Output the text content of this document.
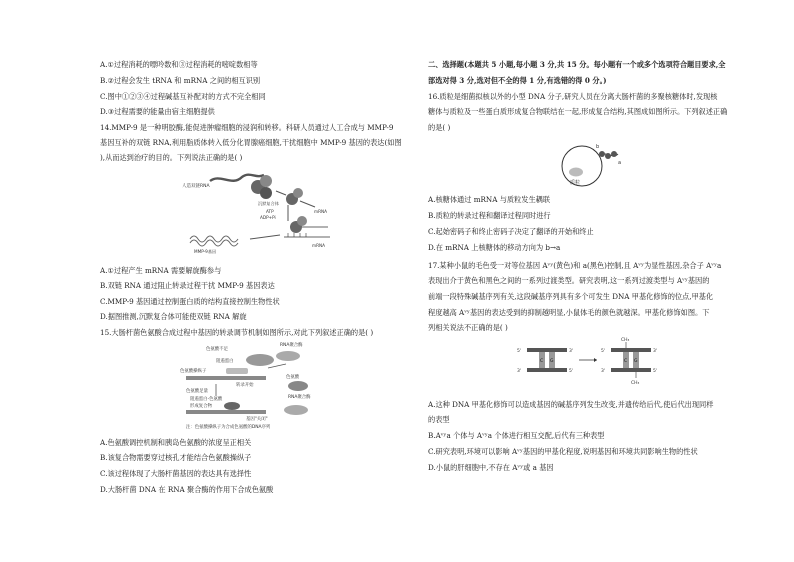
A.①过程消耗的嘌呤数和③过程消耗的嘧啶数相等
B.②过程会发生 tRNA 和 mRNA 之间的相互识别
C.图中①②③④过程碱基互补配对的方式不完全相同
D.③过程需要的能量由宿主细胞提供
14.MMP-9 是一种明胶酶,能促进肿瘤细胞的浸润和转移。科研人员通过人工合成与 MMP-9
基因互补的双链 RNA,利用脂质体转入低分化胃腺癌细胞,干扰细胞中 MMP-9 基因的表达(如图
),从而达到治疗的目的。下列说法正确的是( )
人造双链RNA
沉默复合体
ATP
ADP+Pi
mRNA
MMP-9基因
mRNA
A.①过程产生 mRNA 需要解旋酶参与
B.双链 RNA 通过阻止转录过程干扰 MMP-9 基因表达
C.MMP-9 基因通过控制蛋白质的结构直接控制生物性状
D.据图推测,沉默复合体可能使双链 RNA 解旋
15.大肠杆菌色氨酸合成过程中基因的转录调节机制如图所示,对此下列叙述正确的是( )
色氨酸不足
RNA聚合酶
阻遏蛋白
转录开始
色氨酸操纵子
色氨酸
色氨酸足量
阻遏蛋白-色氨酸
形成复合物
RNA聚合酶
基因"关闭"
注：色氨酸操纵子为合成色氨酸的DNA序列
A.色氨酸调控机制和胰岛色氨酸的浓度呈正相关
B.该复合物需要穿过核孔才能结合色氨酸操纵子
C.该过程体现了大肠杆菌基因的表达具有选择性
D.大肠杆菌 DNA 在 RNA 聚合酶的作用下合成色氨酸
二、选择题(本题共 5 小题,每小题 3 分,共 15 分。每小题有一个或多个选项符合题目要求,全
部选对得 3 分,选对但不全的得 1 分,有选错的得 0 分。)
16.质粒是细菌拟核以外的小型 DNA 分子,研究人员在分离大肠杆菌的多聚核糖体时,发现核
糖体与质粒及一些蛋白质形成复合物联结在一起,形成复合结构,其图成如图所示。下列叙述正确
的是( )
质粒
b
a
A.核糖体通过 mRNA 与质粒发生耦联
B.质粒的转录过程和翻译过程同时进行
C.起始密码子和终止密码子决定了翻译的开始和终止
D.在 mRNA 上核糖体的移动方向为 b→a
17.某种小鼠的毛色受一对等位基因 Aᵛʸ(黄色)和 a(黑色)控制,且 Aᵛʸ为显性基因,杂合子 Aᵛʸa
表现出介于黄色和黑色之间的一系列过渡类型。研究表明,这一系列过渡类型与 Aᵛʸ基因的
前端一段特殊碱基序列有关,这段碱基序列具有多个可发生 DNA 甲基化修饰的位点,甲基化
程度越高 Aᵛʸ基因的表达受到的抑制越明显,小鼠体毛的颜色就越深。甲基化修饰如图。下
列相关说法不正确的是( )
5'	3'
3'	5'
C G
CH₃
CH₃
5'	3'
3'	5'
C G
A.这种 DNA 甲基化修饰可以造成基因的碱基序列发生改变,并遗传给后代,使后代出现同样
的表型
B.Aᵛʸa 个体与 Aᵛʸa 个体进行相互交配,后代有三种表型
C.研究表明,环境可以影响 Aᵛʸ基因的甲基化程度,说明基因和环境共同影响生物的性状
D.小鼠的肝细胞中,不存在 Aᵛʸ或 a 基因
